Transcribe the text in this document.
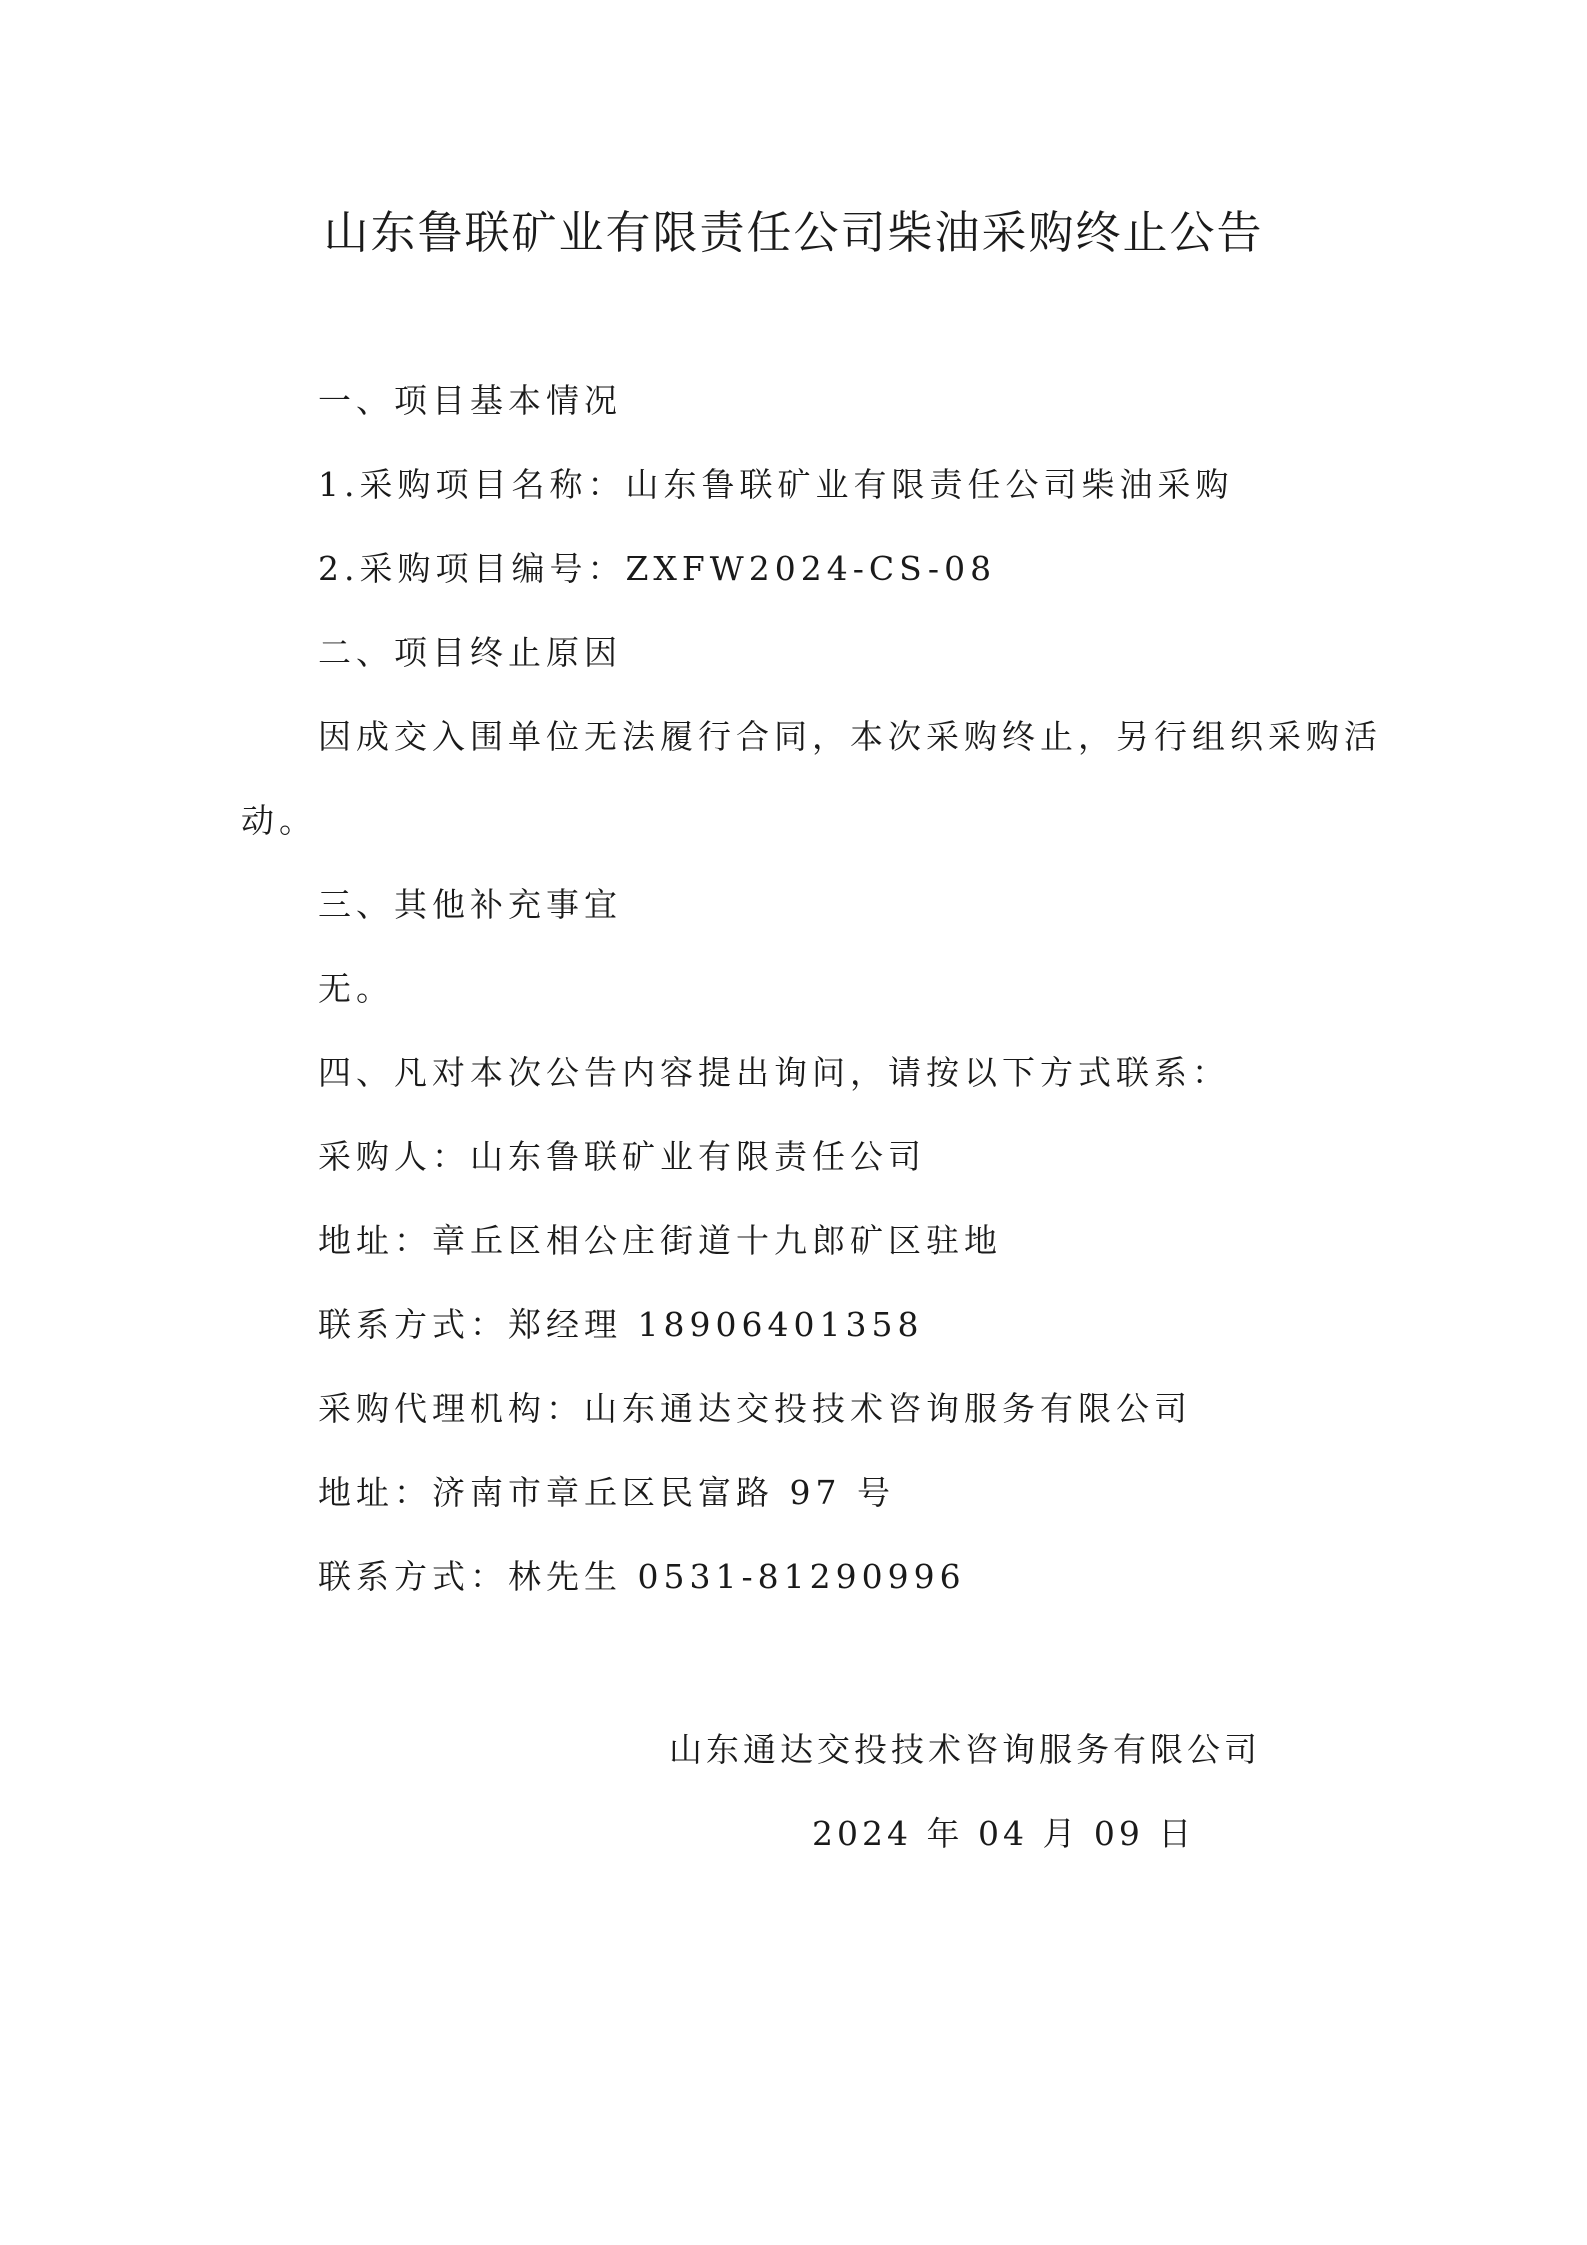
山东鲁联矿业有限责任公司柴油采购终止公告
一、项目基本情况
1.采购项目名称：山东鲁联矿业有限责任公司柴油采购
2.采购项目编号：ZXFW2024-CS-08
二、项目终止原因
因成交入围单位无法履行合同，本次采购终止，另行组织采购活
动。
三、其他补充事宜
无。
四、凡对本次公告内容提出询问，请按以下方式联系：
采购人：山东鲁联矿业有限责任公司
地址：章丘区相公庄街道十九郎矿区驻地
联系方式：郑经理 18906401358
采购代理机构：山东通达交投技术咨询服务有限公司
地址：济南市章丘区民富路 97 号
联系方式：林先生 0531-81290996
山东通达交投技术咨询服务有限公司
2024 年 04 月 09 日
